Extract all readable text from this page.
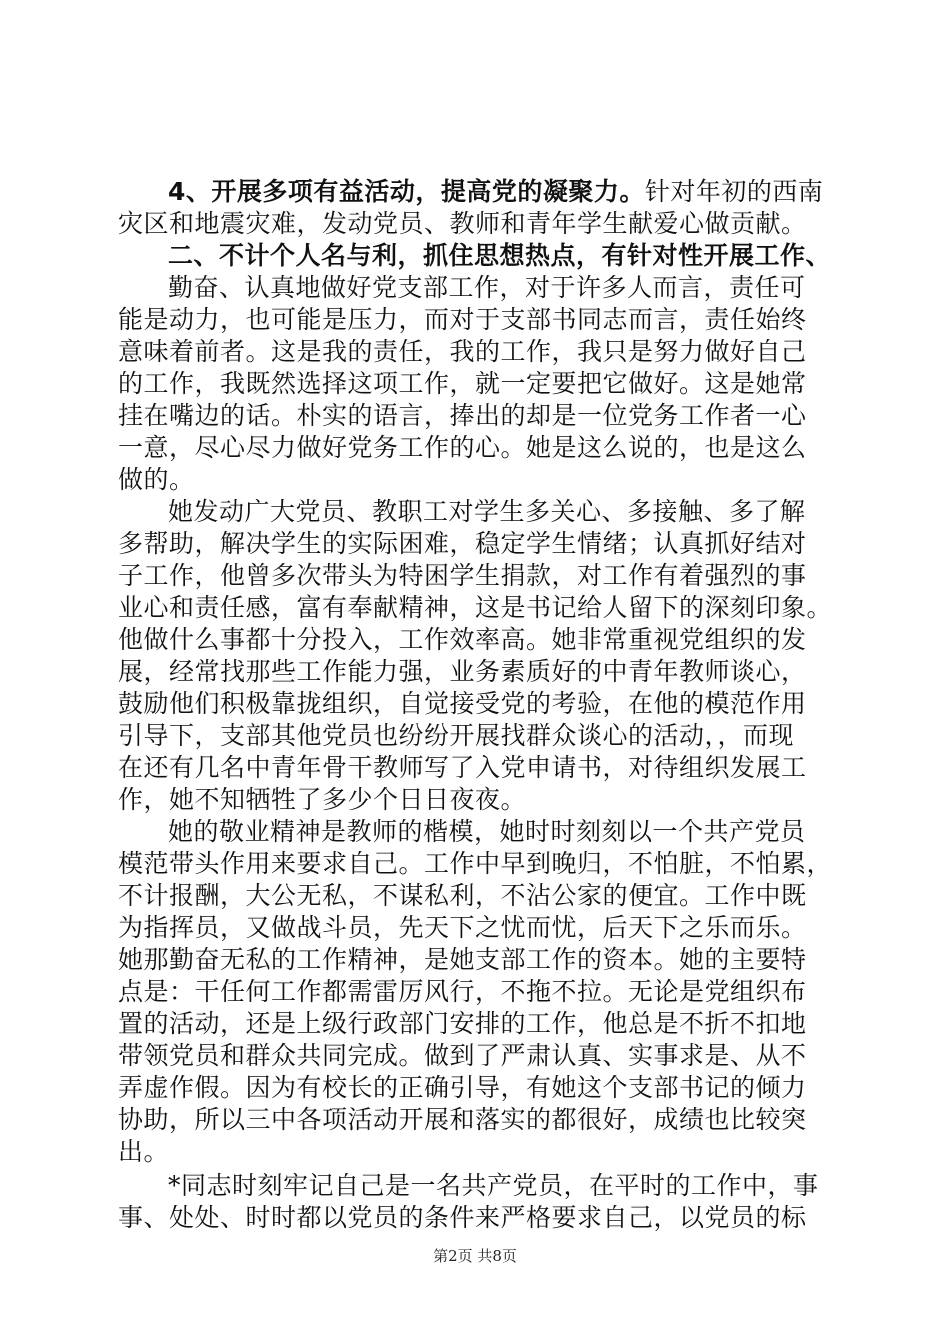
4、开展多项有益活动，提高党的凝聚力。针对年初的西南
灾区和地震灾难，发动党员、教师和青年学生献爱心做贡献。
二、不计个人名与利，抓住思想热点，有针对性开展工作、
勤奋、认真地做好党支部工作，对于许多人而言，责任可
能是动力，也可能是压力，而对于支部书同志而言，责任始终
意味着前者。这是我的责任，我的工作，我只是努力做好自己
的工作，我既然选择这项工作，就一定要把它做好。这是她常
挂在嘴边的话。朴实的语言，捧出的却是一位党务工作者一心
一意，尽心尽力做好党务工作的心。她是这么说的，也是这么
做的。
她发动广大党员、教职工对学生多关心、多接触、多了解
多帮助，解决学生的实际困难，稳定学生情绪；认真抓好结对
子工作，他曾多次带头为特困学生捐款，对工作有着强烈的事
业心和责任感，富有奉献精神，这是书记给人留下的深刻印象。
他做什么事都十分投入，工作效率高。她非常重视党组织的发
展，经常找那些工作能力强，业务素质好的中青年教师谈心，
鼓励他们积极靠拢组织，自觉接受党的考验，在他的模范作用
引导下，支部其他党员也纷纷开展找群众谈心的活动，，而现
在还有几名中青年骨干教师写了入党申请书，对待组织发展工
作，她不知牺牲了多少个日日夜夜。
她的敬业精神是教师的楷模，她时时刻刻以一个共产党员
模范带头作用来要求自己。工作中早到晚归，不怕脏，不怕累，
不计报酬，大公无私，不谋私利，不沾公家的便宜。工作中既
为指挥员，又做战斗员，先天下之忧而忧，后天下之乐而乐。
她那勤奋无私的工作精神，是她支部工作的资本。她的主要特
点是：干任何工作都需雷厉风行，不拖不拉。无论是党组织布
置的活动，还是上级行政部门安排的工作，他总是不折不扣地
带领党员和群众共同完成。做到了严肃认真、实事求是、从不
弄虚作假。因为有校长的正确引导，有她这个支部书记的倾力
协助，所以三中各项活动开展和落实的都很好，成绩也比较突
出。
*同志时刻牢记自己是一名共产党员，在平时的工作中，事
事、处处、时时都以党员的条件来严格要求自己，以党员的标
第2页 共8页
